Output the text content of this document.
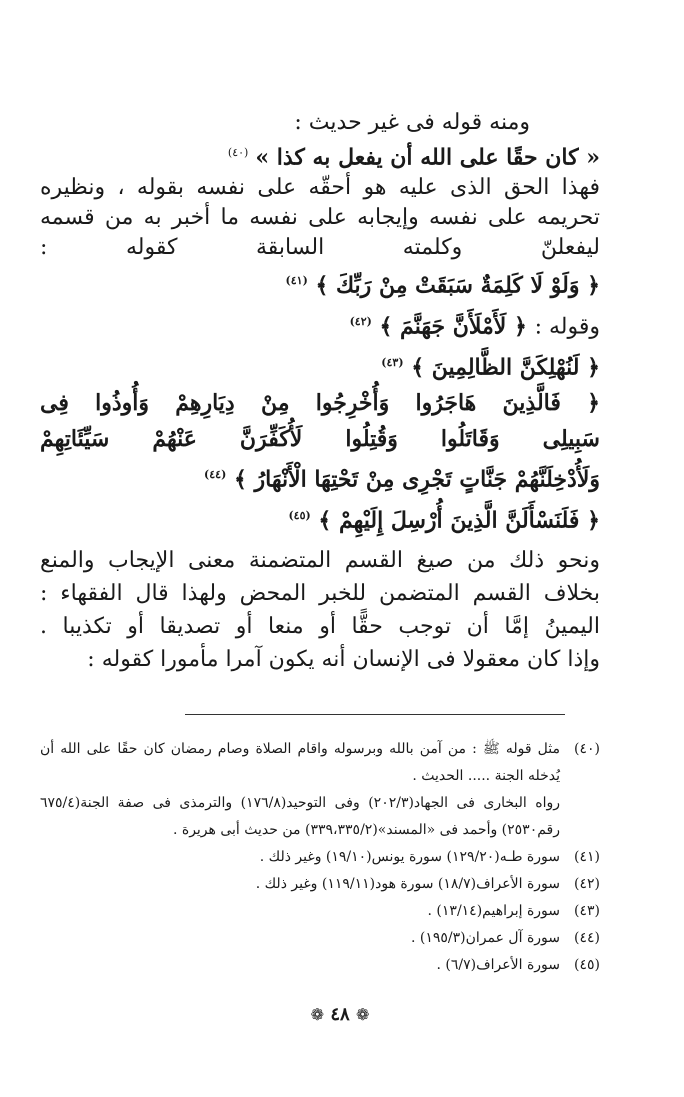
ومنه قوله فى غير حديث :
« كان حقًا على الله أن يفعل به كذا » $^{(٤٠)}$
فهذا الحق الذى عليه هو أحقّه على نفسه بقوله ، ونظيره تحريمه على نفسه وإيجابه على نفسه ما أخبر به من قسمه ليفعلنّ وكلمته السابقة كقوله :
﴿ وَلَوْ لَا كَلِمَةٌ سَبَقَتْ مِنْ رَبِّكَ ﴾ $^{(٤١)}$
وقوله : ﴿ لَأَمْلَأَنَّ جَهَنَّمَ ﴾ $^{(٤٢)}$
﴿ لَنُهْلِكَنَّ الظَّالِمِينَ ﴾ $^{(٤٣)}$
﴿ فَالَّذِينَ هَاجَرُوا وَأُخْرِجُوا مِنْ دِيَارِهِمْ وَأُوذُوا فِى
سَبِيلِى وَقَاتَلُوا وَقُتِلُوا لَأُكَفِّرَنَّ عَنْهُمْ سَيِّئَاتِهِمْ
وَلَأُدْخِلَنَّهُمْ جَنَّاتٍ تَجْرِى مِنْ تَحْتِهَا الْأَنْهَارُ ﴾ $^{(٤٤)}$
﴿ فَلَنَسْأَلَنَّ الَّذِينَ أُرْسِلَ إِلَيْهِمْ ﴾ $^{(٤٥)}$
ونحو ذلك من صيغ القسم المتضمنة معنى الإيجاب والمنع بخلاف القسم المتضمن للخبر المحض ولهذا قال الفقهاء : اليمينُ إمَّا أن توجب حقًّا أو منعا أو تصديقا أو تكذيبا .
وإذا كان معقولا فى الإنسان أنه يكون آمرا مأمورا كقوله :
(٤٠)
مثل قوله ﷺ : من آمن بالله وبرسوله واقام الصلاة وصام رمضان كان حقًا على الله أن يُدخله الجنة ..... الحديث .
رواه البخارى فى الجهاد(٢٠٢/٣) وفى التوحيد(١٧٦/٨) والترمذى فى صفة الجنة(٦٧٥/٤ رقم٢٥٣٠) وأحمد فى «المسند»(٣٣٩،٣٣٥/٢) من حديث أبى هريرة .
(٤١)
سورة طـه(١٢٩/٢٠) سورة يونس(١٩/١٠) وغير ذلك .
(٤٢)
سورة الأعراف(١٨/٧) سورة هود(١١٩/١١) وغير ذلك .
(٤٣)
سورة إبراهيم(١٣/١٤) .
(٤٤)
سورة آل عمران(١٩٥/٣) .
(٤٥)
سورة الأعراف(٦/٧) .
❁ ٤٨ ❁
